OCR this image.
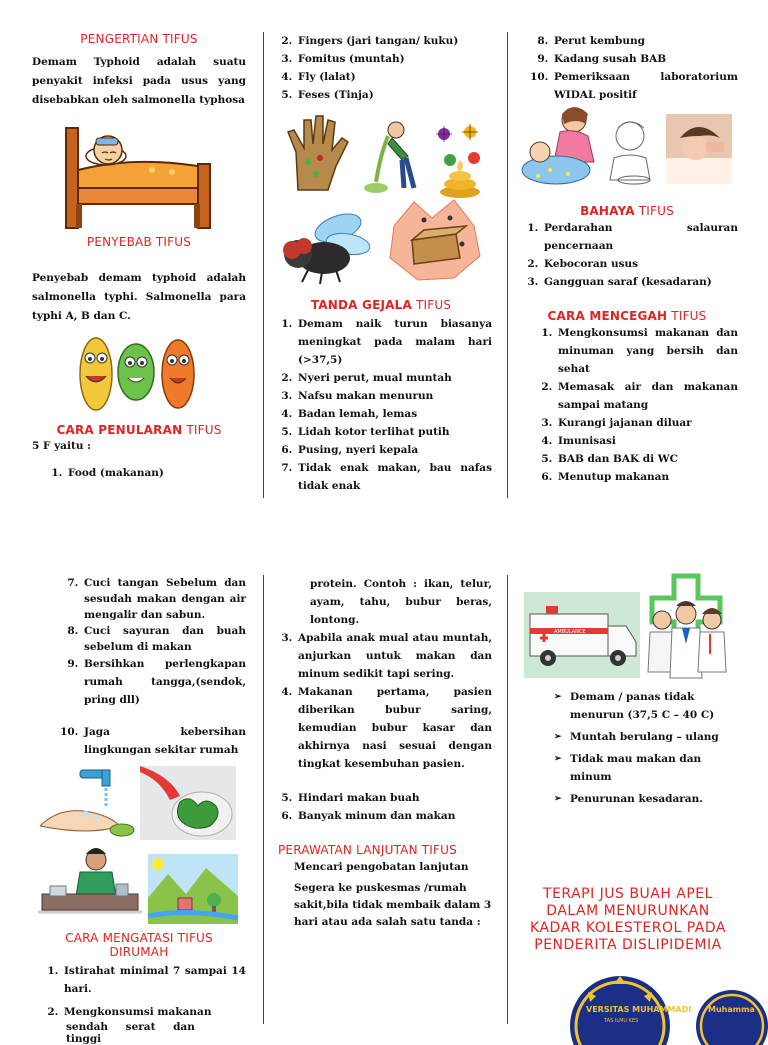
PENGERTIAN TIFUS

Demam Typhoid adalah suatu penyakit infeksi pada usus yang disebabkan oleh salmonella typhosa

PENYEBAB TIFUS

Penyebab demam typhoid adalah salmonella typhi. Salmonella para typhi A, B dan C.

CARA PENULARAN TIFUS

5 F yaitu :

1. Food (makanan)
2. Fingers (jari tangan/ kuku)
3. Fomitus (muntah)
4. Fly (lalat)
5. Feses (Tinja)
TANDA GEJALA TIFUS
1. Demam naik turun biasanya meningkat pada malam hari (>37,5)
2. Nyeri perut, mual muntah
3. Nafsu makan menurun
4. Badan lemah, lemas
5. Lidah kotor terlihat putih
6. Pusing, nyeri kepala
7. Tidak enak makan, bau nafas tidak enak
8. Perut kembung
9. Kadang susah BAB
10. Pemeriksaan laboratorium WIDAL positif
BAHAYA TIFUS
1. Perdarahan salauran pencernaan
2. Kebocoran usus
3. Gangguan saraf (kesadaran)
CARA MENCEGAH TIFUS
1. Mengkonsumsi makanan dan minuman yang bersih dan sehat
2. Memasak air dan makanan sampai matang
3. Kurangi jajanan diluar
4. Imunisasi
5. BAB dan BAK di WC
6. Menutup makanan
7. Cuci tangan Sebelum dan sesudah makan dengan air mengalir dan sabun.
8. Cuci sayuran dan buah sebelum di makan
9. Bersihkan perlengkapan rumah tangga,(sendok, pring dll)
10. Jaga kebersihan lingkungan sekitar rumah
CARA MENGATASI TIFUS DIRUMAH
1. Istirahat minimal 7 sampai 14 hari.
2. Mengkonsumsi makanan
sendah serat dan tinggi

protein. Contoh : ikan, telur, ayam, tahu, bubur beras, lontong.

3. Apabila anak mual atau muntah, anjurkan untuk makan dan minum sedikit tapi sering.
4. Makanan pertama, pasien diberikan bubur saring, kemudian bubur kasar dan akhirnya nasi sesuai dengan tingkat kesembuhan pasien.
5. Hindari makan buah
6. Banyak minum dan makan
PERAWATAN LANJUTAN TIFUS

Mencari pengobatan lanjutan

Segera ke puskesmas /rumah sakit,bila tidak membaik dalam 3 hari atau ada salah satu tanda :

AMBULANCE
➢ Demam / panas tidak menurun (37,5 C – 40 C)
➢ Muntah berulang – ulang
➢ Tidak mau makan dan minum
➢ Penurunan kesadaran.
TERAPI JUS BUAH APEL DALAM MENURUNKAN KADAR KOLESTEROL PADA PENDERITA DISLIPIDEMIA
VERSITAS MUHAMMADI
TAS ILMU KES
Muhamma
